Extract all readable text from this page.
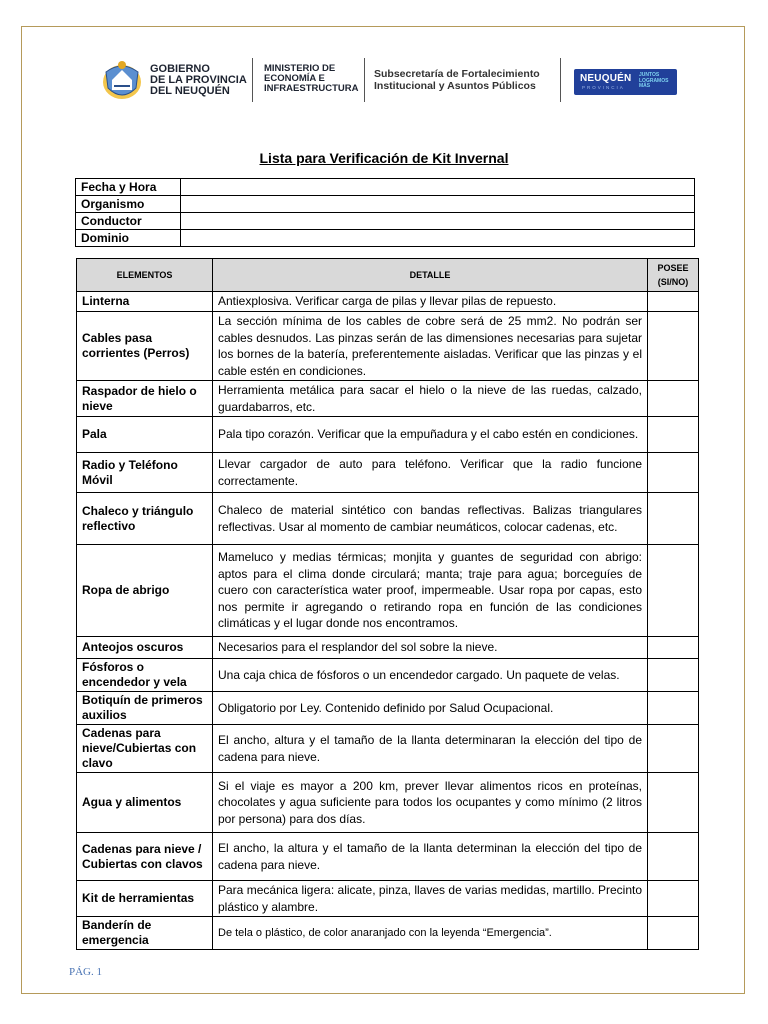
GOBIERNO
DE LA PROVINCIA
DEL NEUQUÉN
MINISTERIO DE
ECONOMÍA E
INFRAESTRUCTURA
Subsecretaría de Fortalecimiento
Institucional y Asuntos Públicos
NEUQUÉN
PROVINCIA
JUNTOS
LOGRAMOS
MÁS
Lista para Verificación de Kit Invernal
Fecha y Hora	
Organismo	
Conductor	
Dominio	
ELEMENTOS	DETALLE	POSEE
(SI/NO)

Linterna	Antiexplosiva. Verificar carga de pilas y llevar pilas de repuesto.	
Cables pasa corrientes (Perros)	La sección mínima de los cables de cobre será de 25 mm2. No podrán ser cables desnudos. Las pinzas serán de las dimensiones necesarias para sujetar los bornes de la batería, preferentemente aisladas. Verificar que las pinzas y el cable estén en condiciones.	
Raspador de hielo o nieve	Herramienta metálica para sacar el hielo o la nieve de las ruedas, calzado, guardabarros, etc.	
Pala	Pala tipo corazón. Verificar que la empuñadura y el cabo estén en condiciones.	
Radio y Teléfono Móvil	Llevar cargador de auto para teléfono. Verificar que la radio funcione correctamente.	
Chaleco y triángulo reflectivo	Chaleco de material sintético con bandas reflectivas. Balizas triangulares reflectivas. Usar al momento de cambiar neumáticos, colocar cadenas, etc.	
Ropa de abrigo	Mameluco y medias térmicas; monjita y guantes de seguridad con abrigo: aptos para el clima donde circulará; manta; traje para agua; borceguíes de cuero con característica water proof, impermeable. Usar ropa por capas, esto nos permite ir agregando o retirando ropa en función de las condiciones climáticas y el lugar donde nos encontramos.	
Anteojos oscuros	Necesarios para el resplandor del sol sobre la nieve.	
Fósforos o encendedor y vela	Una caja chica de fósforos o un encendedor cargado. Un paquete de velas.	
Botiquín de primeros auxilios	Obligatorio por Ley. Contenido definido por Salud Ocupacional.	
Cadenas para nieve/Cubiertas con clavo	El ancho, altura y el tamaño de la llanta determinaran la elección del tipo de cadena para nieve.	
Agua y alimentos	Si el viaje es mayor a 200 km, prever llevar alimentos ricos en proteínas, chocolates y agua suficiente para todos los ocupantes y como mínimo (2 litros por persona) para dos días.	
Cadenas para nieve / Cubiertas con clavos	El ancho, la altura y el tamaño de la llanta determinan la elección del tipo de cadena para nieve.	
Kit de herramientas	Para mecánica ligera: alicate, pinza, llaves de varias medidas, martillo. Precinto plástico y alambre.	
Banderín de emergencia	De tela o plástico, de color anaranjado con la leyenda “Emergencia”.	
PÁG. 1
